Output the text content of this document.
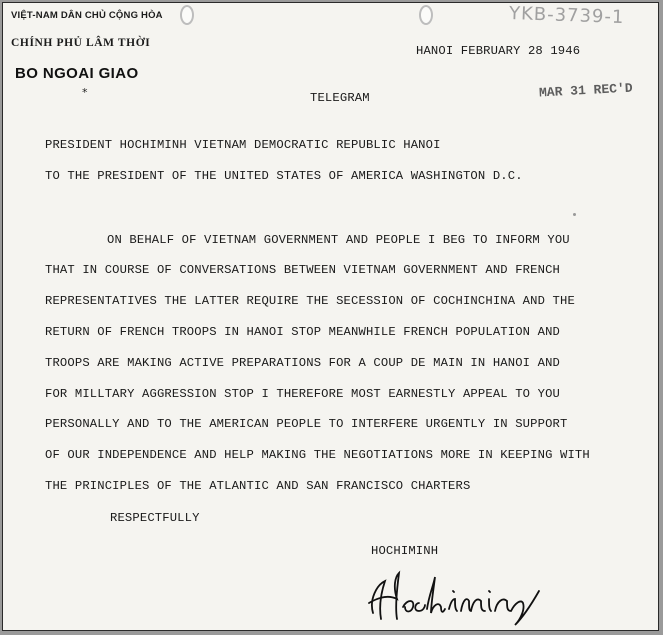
VIỆT-NAM DÂN CHỦ CỘNG HÒA
CHÍNH PHỦ LÂM THỜI
BO NGOAI GIAO
*
YKB-3739-1
MAR 31 REC'D
HANOI FEBRUARY 28 1946
TELEGRAM
PRESIDENT HOCHIMINH VIETNAM DEMOCRATIC REPUBLIC HANOI
TO THE PRESIDENT OF THE UNITED STATES OF AMERICA WASHINGTON D.C.
ON BEHALF OF VIETNAM GOVERNMENT AND PEOPLE I BEG TO INFORM YOU
THAT IN COURSE OF CONVERSATIONS BETWEEN VIETNAM GOVERNMENT AND FRENCH
REPRESENTATIVES THE LATTER REQUIRE THE SECESSION OF COCHINCHINA AND THE
RETURN OF FRENCH TROOPS IN HANOI STOP MEANWHILE FRENCH POPULATION AND
TROOPS ARE MAKING ACTIVE PREPARATIONS FOR A COUP DE MAIN IN HANOI AND
FOR MILLTARY AGGRESSION STOP I THEREFORE MOST EARNESTLY APPEAL TO YOU
PERSONALLY AND TO THE AMERICAN PEOPLE TO INTERFERE URGENTLY IN SUPPORT
OF OUR INDEPENDENCE AND HELP MAKING THE NEGOTIATIONS MORE IN KEEPING WITH
THE PRINCIPLES OF THE ATLANTIC AND SAN FRANCISCO CHARTERS
RESPECTFULLY
HOCHIMINH
